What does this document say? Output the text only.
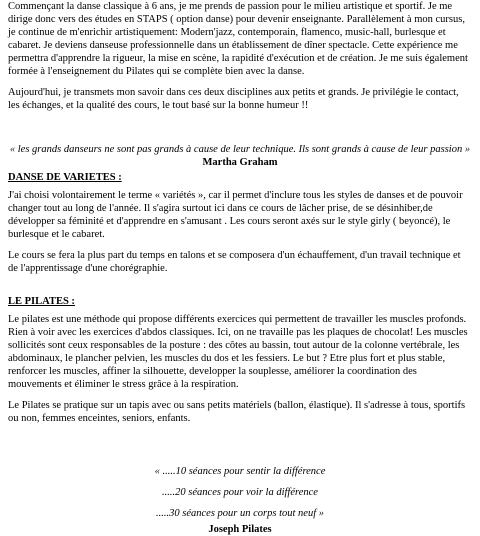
Commençant la danse classique à 6 ans, je me prends de passion pour le milieu artistique et sportif. Je me dirige donc vers des études en STAPS ( option danse) pour devenir enseignante. Parallèlement à mon cursus, je continue de m'enrichir artistiquement: Modern'jazz, contemporain, flamenco, music-hall, burlesque et cabaret. Je deviens danseuse professionnelle dans un établissement de dîner spectacle. Cette expérience me permettra d'apprendre la rigueur, la mise en scène, la rapidité d'exécution et de création. Je me suis également formée à l'enseignement du Pilates qui se complète bien avec la danse.

Aujourd'hui, je transmets mon savoir dans ces deux disciplines aux petits et grands. Je privilégie le contact, les échanges, et la qualité des cours, le tout basé sur la bonne humeur !!

« les grands danseurs ne sont pas grands à cause de leur technique. Ils sont grands à cause de leur passion » Martha Graham

DANSE DE VARIETES :

J'ai choisi volontairement le terme « variétés », car il permet d'inclure tous les styles de danses et de pouvoir changer tout au long de l'année. Il s'agira surtout ici dans ce cours de lâcher prise, de se désinhiber,de développer sa féminité et d'apprendre en s'amusant . Les cours seront axés sur le style girly ( beyoncé), le burlesque et le cabaret.

Le cours se fera la plus part du temps en talons et se composera d'un échauffement, d'un travail technique et de l'apprentissage d'une chorégraphie.

LE PILATES :

Le pilates est une méthode qui propose différents exercices qui permettent de travailler les muscles profonds. Rien à voir avec les exercices d'abdos classiques. Ici, on ne travaille pas les plaques de chocolat! Les muscles sollicités sont ceux responsables de la posture : des côtes au bassin, tout autour de la colonne vertébrale, les abdominaux, le plancher pelvien, les muscles du dos et les fessiers. Le but ? Etre plus fort et plus stable, renforcer les muscles, affiner la silhouette, developper la souplesse, améliorer la coordination des mouvements et éliminer le stress grâce à la respiration.

Le Pilates se pratique sur un tapis avec ou sans petits matériels (ballon, élastique). Il s'adresse à tous, sportifs ou non, femmes enceintes, seniors, enfants.

« .....10 séances pour sentir la différence
.....20 séances pour voir la différence
.....30 séances pour un corps tout neuf »
Joseph Pilates
